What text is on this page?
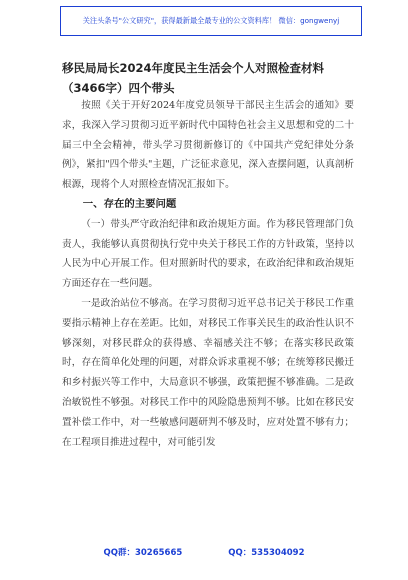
关注头条号"公文研究"，获得最新最全最专业的公文资料库！ 微信：gongwenyj
移民局局长2024年度民主生活会个人对照检查材料（3466字）四个带头

按照《关于开好2024年度党员领导干部民主生活会的通知》要求，我深入学习贯彻习近平新时代中国特色社会主义思想和党的二十届三中全会精神，带头学习贯彻新修订的《中国共产党纪律处分条例》，紧扣"四个带头"主题，广泛征求意见，深入查摆问题，认真剖析根源，现将个人对照检查情况汇报如下。

一、存在的主要问题

（一）带头严守政治纪律和政治规矩方面。作为移民管理部门负责人，我能够认真贯彻执行党中央关于移民工作的方针政策，坚持以人民为中心开展工作。但对照新时代的要求，在政治纪律和政治规矩方面还存在一些问题。

一是政治站位不够高。在学习贯彻习近平总书记关于移民工作重要指示精神上存在差距。比如，对移民工作事关民生的政治性认识不够深刻，对移民群众的获得感、幸福感关注不够；在落实移民政策时，存在简单化处理的问题，对群众诉求重视不够；在统筹移民搬迁和乡村振兴等工作中，大局意识不够强，政策把握不够准确。二是政治敏锐性不够强。对移民工作中的风险隐患预判不够。比如在移民安置补偿工作中，对一些敏感问题研判不够及时，应对处置不够有力；在工程项目推进过程中，对可能引发

QQ群：30265665	QQ：535304092
